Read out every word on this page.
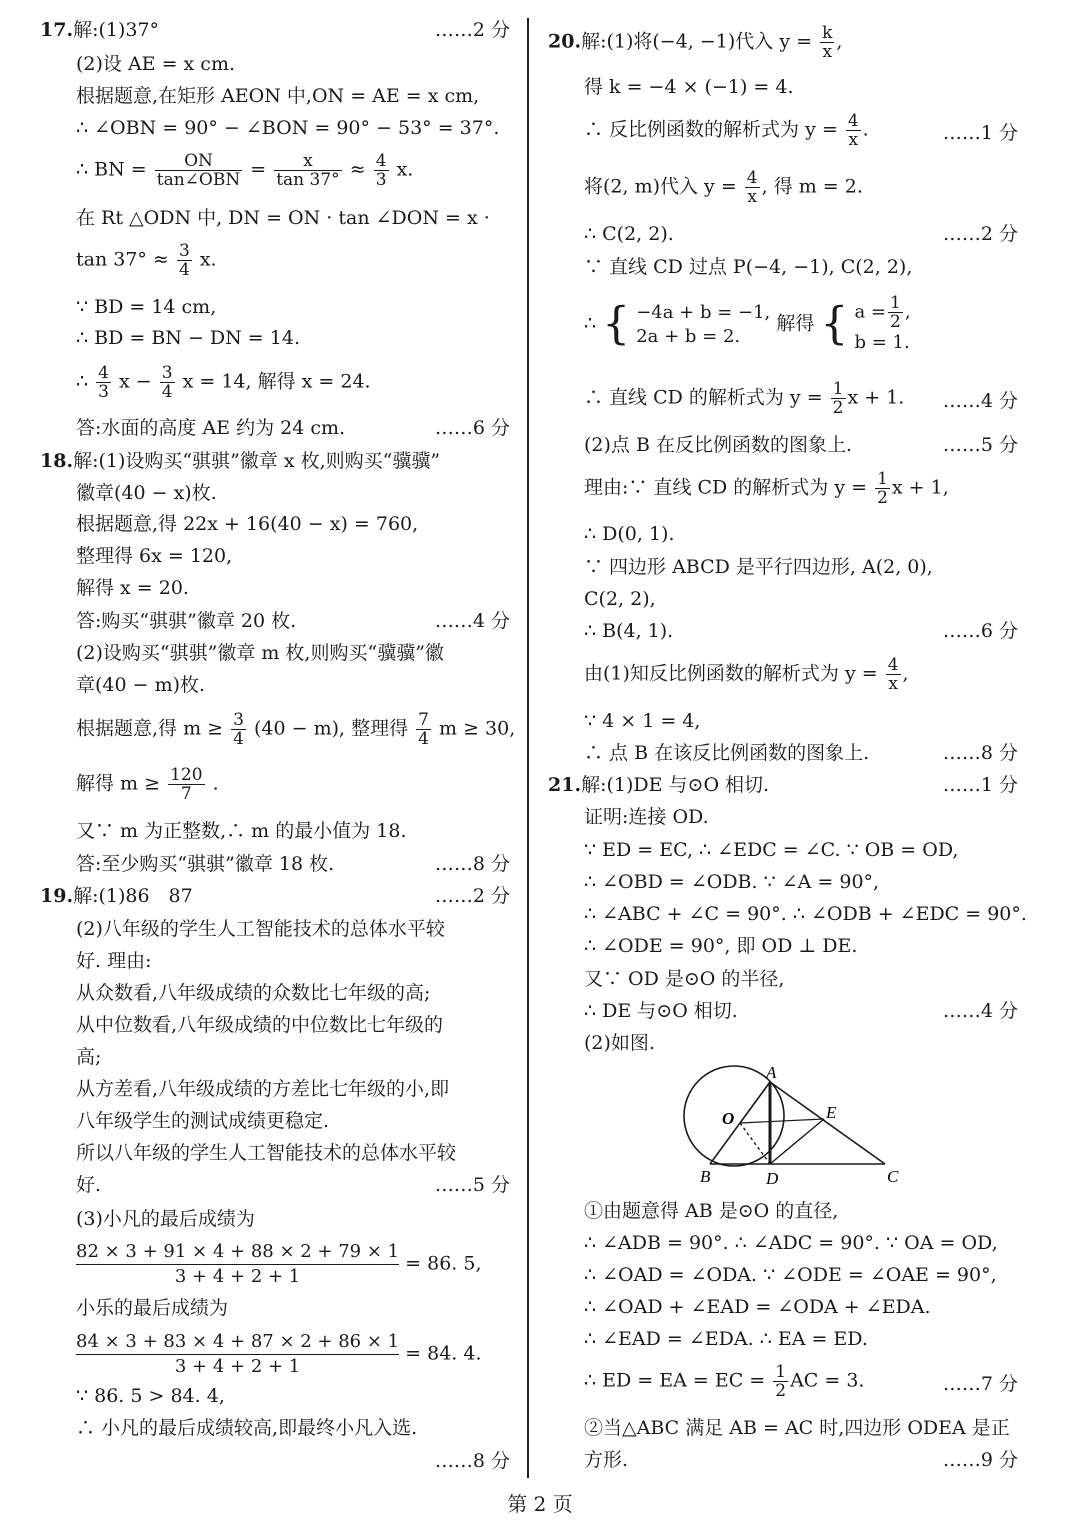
17.解:(1)37°	……2 分
(2)设 AE = x cm.
根据题意,在矩形 AEON 中,ON = AE = x cm,
∴ ∠OBN = 90° − ∠BON = 90° − 53° = 37°.
∴ BN = $\frac{ON}{\text{tan∠OBN}} = \frac{x}{\tan 37^\circ} \approx \frac{4}{3} x$.
在 Rt △ODN 中, DN = ON · tan ∠DON = x ·
$\tan 37^\circ \approx \frac{3}{4} x$.
∵ BD = 14 cm,
∴ BD = BN − DN = 14.
∴ $\frac{4}{3}$ $x - \frac{3}{4}$ x = 14, 解得 x = 24.
答:水面的高度 AE 约为 24 cm.	……6 分
18.解:(1)设购买“骐骐”徽章 x 枚,则购买“骥骥”
徽章(40 − x)枚.
根据题意,得 22x + 16(40 − x) = 760,
整理得 6x = 120,
解得 x = 20.
答:购买“骐骐”徽章 20 枚.	……4 分
(2)设购买“骐骐”徽章 m 枚,则购买“骥骥”徽
章(40 − m)枚.
根据题意,得 $m \ge \frac{3}{4} (40 - m)$, 整理得 $\frac{7}{4}$ m ≥ 30,
解得 $m \ge \frac{120}{7}$ .
又∵ m 为正整数,∴ m 的最小值为 18.
答:至少购买“骐骐”徽章 18 枚.	……8 分
19.解:(1)86　87	……2 分
(2)八年级的学生人工智能技术的总体水平较
好. 理由:
从众数看,八年级成绩的众数比七年级的高;
从中位数看,八年级成绩的中位数比七年级的
高;
从方差看,八年级成绩的方差比七年级的小,即
八年级学生的测试成绩更稳定.
所以八年级的学生人工智能技术的总体水平较
好.	……5 分
(3)小凡的最后成绩为
$\frac{82 \times 3 + 91 \times 4 + 88 \times 2 + 79 \times 1}{3 + 4 + 2 + 1} = 86$. 5,
小乐的最后成绩为
$\frac{84 \times 3 + 83 \times 4 + 87 \times 2 + 86 \times 1}{3 + 4 + 2 + 1} = 84$. 4.
∵ 86. 5 > 84. 4,
∴ 小凡的最后成绩较高,即最终小凡入选.
……8 分
20.解:(1)将(−4, −1)代入 $y = \frac{k}{x}$ ,
得 k = −4 × (−1) = 4.
∴ 反比例函数的解析式为 $y = \frac{4}{x}$ .	……1 分
将(2, m)代入 $y = \frac{4}{x}$ , 得 m = 2.
∴ C(2, 2).	……2 分
∵ 直线 CD 过点 P(−4, −1), C(2, 2),
∴ { −4a + b = −1,
2a + b = 2.
解得 { $a = \frac{1}{2}$ ,
b = 1.
∴ 直线 CD 的解析式为 $y = \frac{1}{2}$ x + 1. ……4 分
(2)点 B 在反比例函数的图象上.	……5 分
理由:∵ 直线 CD 的解析式为 $y = \frac{1}{2}$ x + 1,
∴ D(0, 1).
∵ 四边形 ABCD 是平行四边形, A(2, 0),
C(2, 2),
∴ B(4, 1).	……6 分
由(1)知反比例函数的解析式为 $y = \frac{4}{x}$ ,
∵ 4 × 1 = 4,
∴ 点 B 在该反比例函数的图象上.	……8 分
21.解:(1)DE 与⊙O 相切.	……1 分
证明:连接 OD.
∵ ED = EC, ∴ ∠EDC = ∠C. ∵ OB = OD,
∴ ∠OBD = ∠ODB. ∵ ∠A = 90°,
∴ ∠ABC + ∠C = 90°. ∴ ∠ODB + ∠EDC = 90°.
∴ ∠ODE = 90°, 即 OD ⊥ DE.
又∵ OD 是⊙O 的半径,
∴ DE 与⊙O 相切.	……4 分
(2)如图.
①由题意得 AB 是⊙O 的直径,
∴ ∠ADB = 90°. ∴ ∠ADC = 90°. ∵ OA = OD,
∴ ∠OAD = ∠ODA. ∵ ∠ODE = ∠OAE = 90°,
∴ ∠OAD + ∠EAD = ∠ODA + ∠EDA.
∴ ∠EAD = ∠EDA. ∴ EA = ED.
∴ ED = EA = EC = $\frac{1}{2}$ AC = 3.	……7 分
②当△ABC 满足 AB = AC 时,四边形 ODEA 是正
方形.	……9 分
A
O	E
B	D	C
第 2 页
